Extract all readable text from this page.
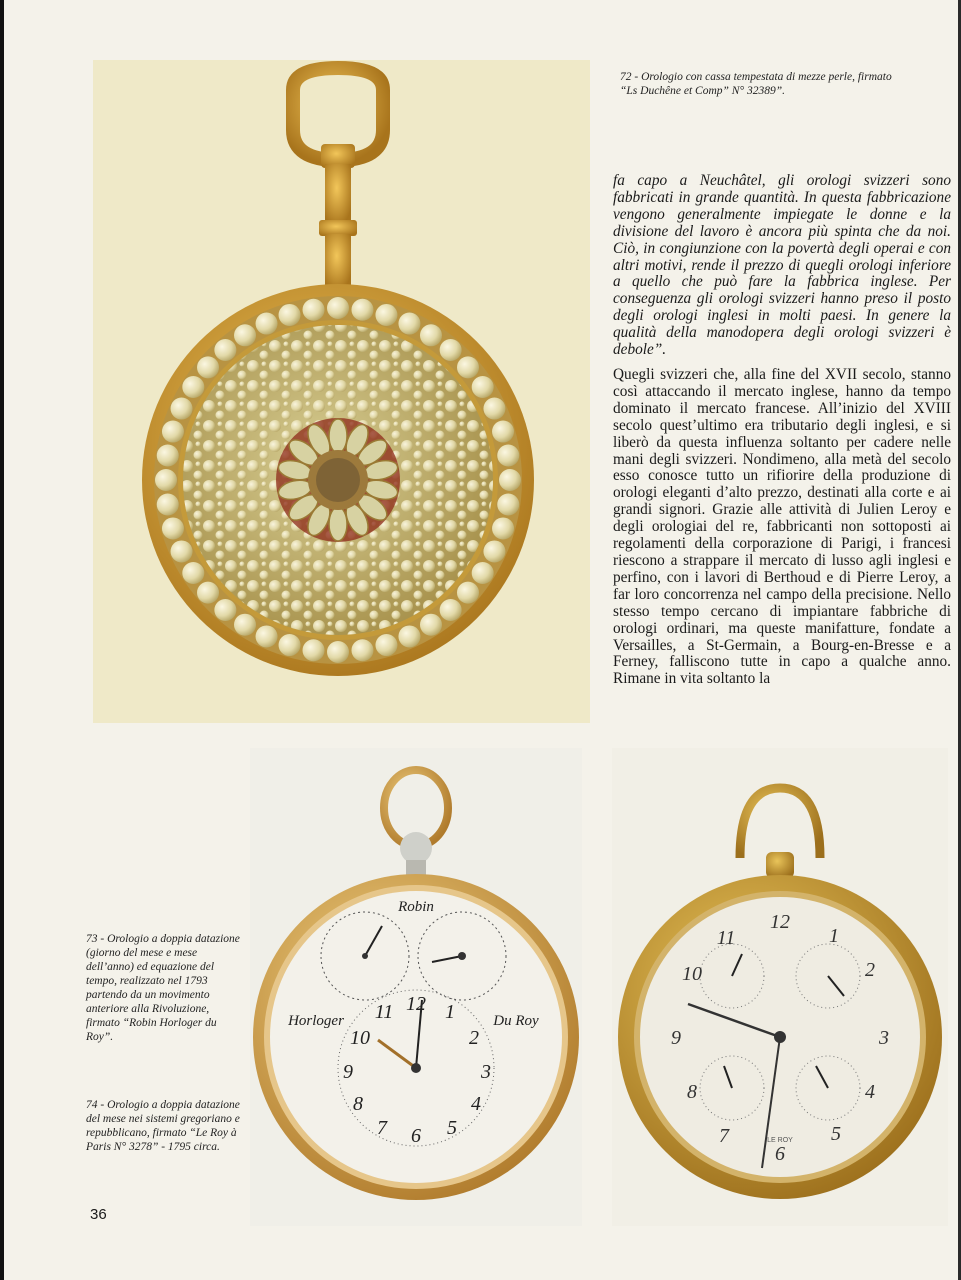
72 - Orologio con cassa tempestata di mezze perle, firmato “Ls Duchêne et Comp” N° 32389”.

fa capo a Neuchâtel, gli orologi svizzeri sono fabbricati in grande quantità. In questa fabbricazione vengono generalmente impiegate le donne e la divisione del lavoro è ancora più spinta che da noi. Ciò, in congiunzione con la povertà degli operai e con altri motivi, rende il prezzo di quegli orologi inferiore a quello che può fare la fabbrica inglese. Per conseguenza gli orologi svizzeri hanno preso il posto degli orologi inglesi in molti paesi. In genere la qualità della manodopera degli orologi svizzeri è debole”.

Quegli svizzeri che, alla fine del XVII secolo, stanno così attaccando il mercato inglese, hanno da tempo dominato il mercato francese. All’inizio del XVIII secolo quest’ultimo era tributario degli inglesi, e si liberò da questa influenza soltanto per cadere nelle mani degli svizzeri. Nondimeno, alla metà del secolo esso conosce tutto un rifiorire della produzione di orologi eleganti d’alto prezzo, destinati alla corte e ai grandi signori. Grazie alle attività di Julien Leroy e degli orologiai del re, fabbricanti non sottoposti ai regolamenti della corporazione di Parigi, i francesi riescono a strappare il mercato di lusso agli inglesi e perfino, con i lavori di Berthoud e di Pierre Leroy, a far loro concorrenza nel campo della precisione. Nello stesso tempo cercano di impiantare fabbriche di orologi ordinari, ma queste manifatture, fondate a Versailles, a St-Germain, a Bourg-en-Bresse e a Ferney, falliscono tutte in capo a qualche anno. Rimane in vita soltanto la

12 1
2
3
4
5
6
7
8
9
10
11
Robin
Horloger	Du Roy

73 - Orologio a doppia datazione (giorno del mese e mese dell’anno) ed equazione del tempo, realizzato nel 1793 partendo da un movimento anteriore alla Rivoluzione, firmato “Robin Horloger du Roy”.

74 - Orologio a doppia datazione del mese nei sistemi gregoriano e repubblicano, firmato “Le Roy à Paris N° 3278” - 1795 circa.

12
1
2
3
4
5
6
7
8
9
10
11
LE ROY
36
